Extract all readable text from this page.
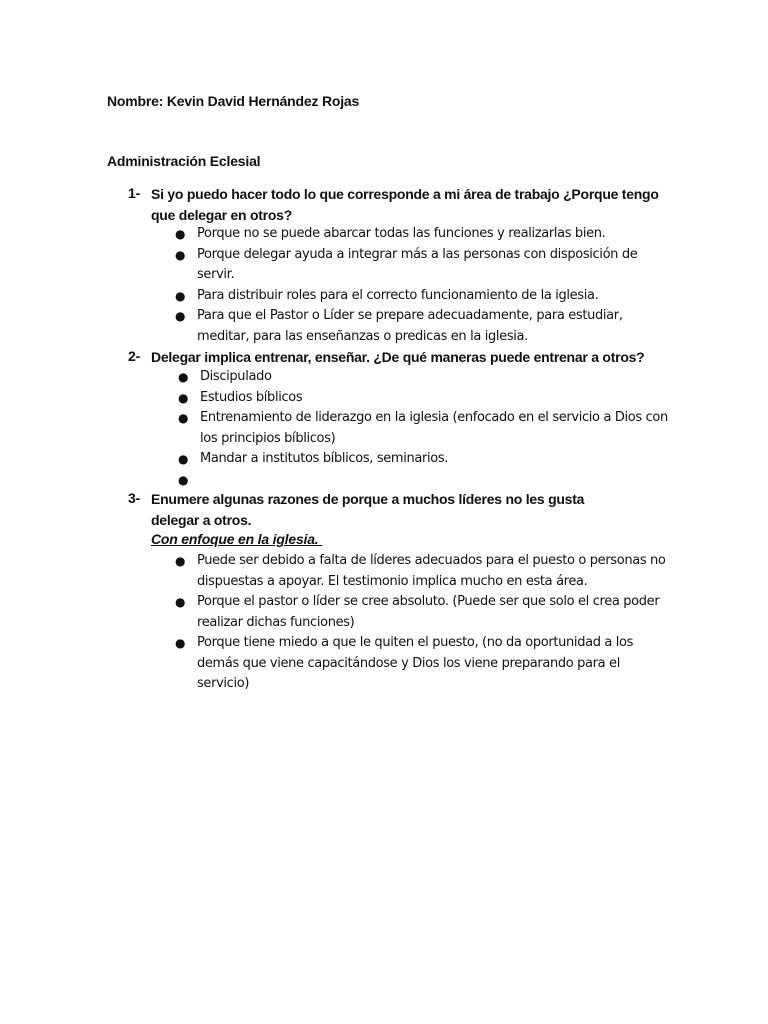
Nombre: Kevin David Hernández Rojas
Administración Eclesial
1- Si yo puedo hacer todo lo que corresponde a mi área de trabajo ¿Porque tengo que delegar en otros?
● Porque no se puede abarcar todas las funciones y realizarlas bien.
● Porque delegar ayuda a integrar más a las personas con disposición de servir.
● Para distribuir roles para el correcto funcionamiento de la iglesia.
● Para que el Pastor o Líder se prepare adecuadamente, para estudiar, meditar, para las enseñanzas o predicas en la iglesia.
2- Delegar implica entrenar, enseñar. ¿De qué maneras puede entrenar a otros?
● Discipulado
● Estudios bíblicos
● Entrenamiento de liderazgo en la iglesia (enfocado en el servicio a Dios con los principios bíblicos)
● Mandar a institutos bíblicos, seminarios.
●
3- Enumere algunas razones de porque a muchos líderes no les gusta delegar a otros.
Con enfoque en la iglesia.
● Puede ser debido a falta de líderes adecuados para el puesto o personas no dispuestas a apoyar. El testimonio implica mucho en esta área.
● Porque el pastor o líder se cree absoluto. (Puede ser que solo el crea poder realizar dichas funciones)
● Porque tiene miedo a que le quiten el puesto, (no da oportunidad a los demás que viene capacitándose y Dios los viene preparando para el servicio)
